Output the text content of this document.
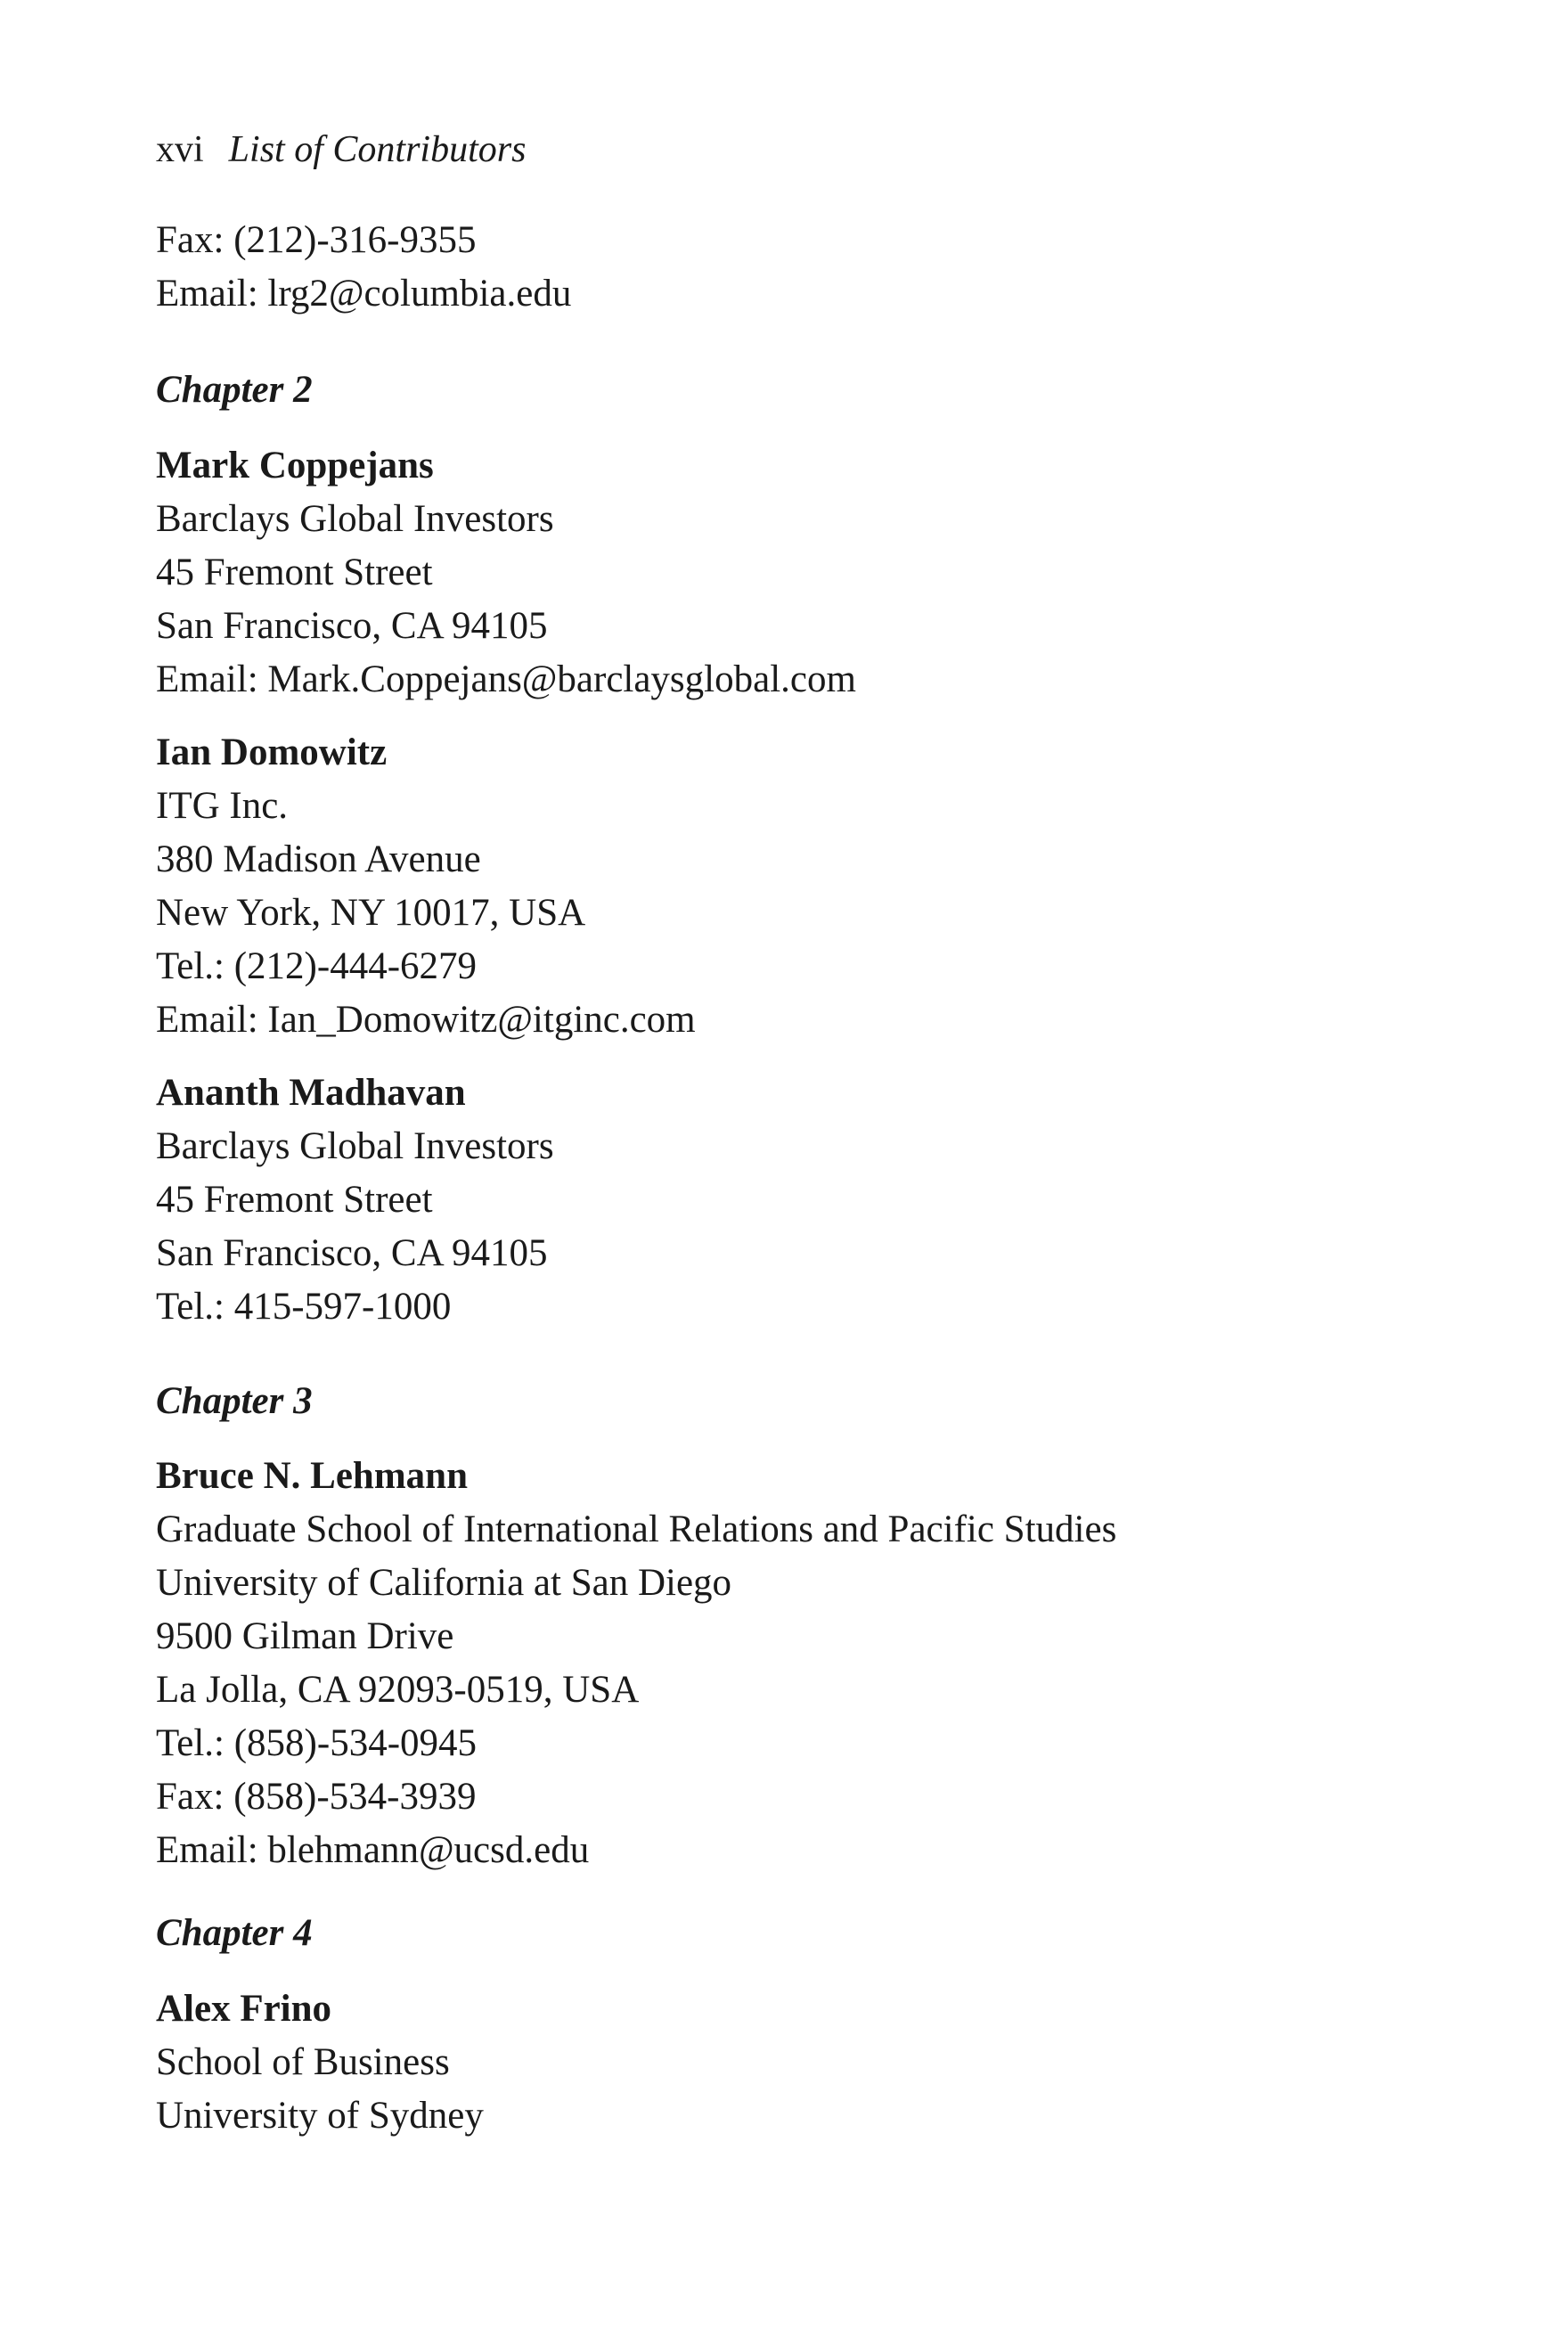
xvi List of Contributors
Fax: (212)-316-9355
Email: lrg2@columbia.edu
Chapter 2
Mark Coppejans
Barclays Global Investors
45 Fremont Street
San Francisco, CA 94105
Email: Mark.Coppejans@barclaysglobal.com
Ian Domowitz
ITG Inc.
380 Madison Avenue
New York, NY 10017, USA
Tel.: (212)-444-6279
Email: Ian_Domowitz@itginc.com
Ananth Madhavan
Barclays Global Investors
45 Fremont Street
San Francisco, CA 94105
Tel.: 415-597-1000
Chapter 3
Bruce N. Lehmann
Graduate School of International Relations and Pacific Studies
University of California at San Diego
9500 Gilman Drive
La Jolla, CA 92093-0519, USA
Tel.: (858)-534-0945
Fax: (858)-534-3939
Email: blehmann@ucsd.edu
Chapter 4
Alex Frino
School of Business
University of Sydney
